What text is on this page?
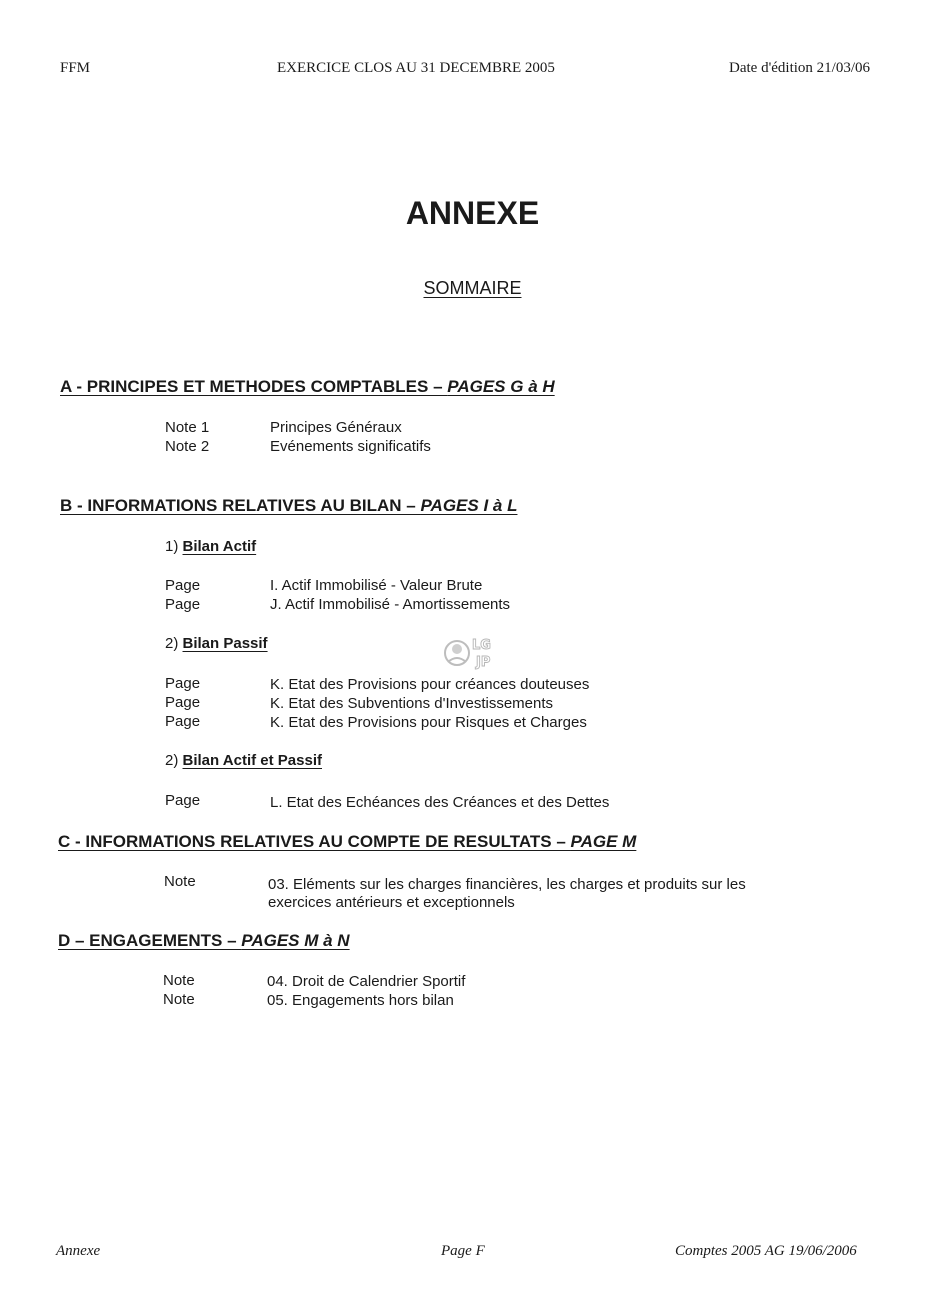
FFM	EXERCICE CLOS AU 31 DECEMBRE 2005	Date d'édition 21/03/06
ANNEXE
SOMMAIRE
A - PRINCIPES ET METHODES COMPTABLES – PAGES G à H
Note 1	Principes Généraux
Note 2	Evénements significatifs
B - INFORMATIONS RELATIVES AU BILAN – PAGES I à L
1) Bilan Actif
Page	I. Actif Immobilisé - Valeur Brute
Page	J. Actif Immobilisé - Amortissements
2) Bilan Passif
Page	K. Etat des Provisions pour créances douteuses
Page	K. Etat des Subventions d'Investissements
Page	K. Etat des Provisions pour Risques et Charges
2) Bilan Actif et Passif
Page	L. Etat des Echéances des Créances et des Dettes
C - INFORMATIONS RELATIVES AU COMPTE DE RESULTATS – PAGE M
Note	03. Eléments sur les charges financières, les charges et produits sur les
exercices antérieurs et exceptionnels
D – ENGAGEMENTS – PAGES M à N
Note	04. Droit de Calendrier Sportif
Note	05. Engagements hors bilan
LG
JP
Annexe	Page F	Comptes 2005 AG 19/06/2006
